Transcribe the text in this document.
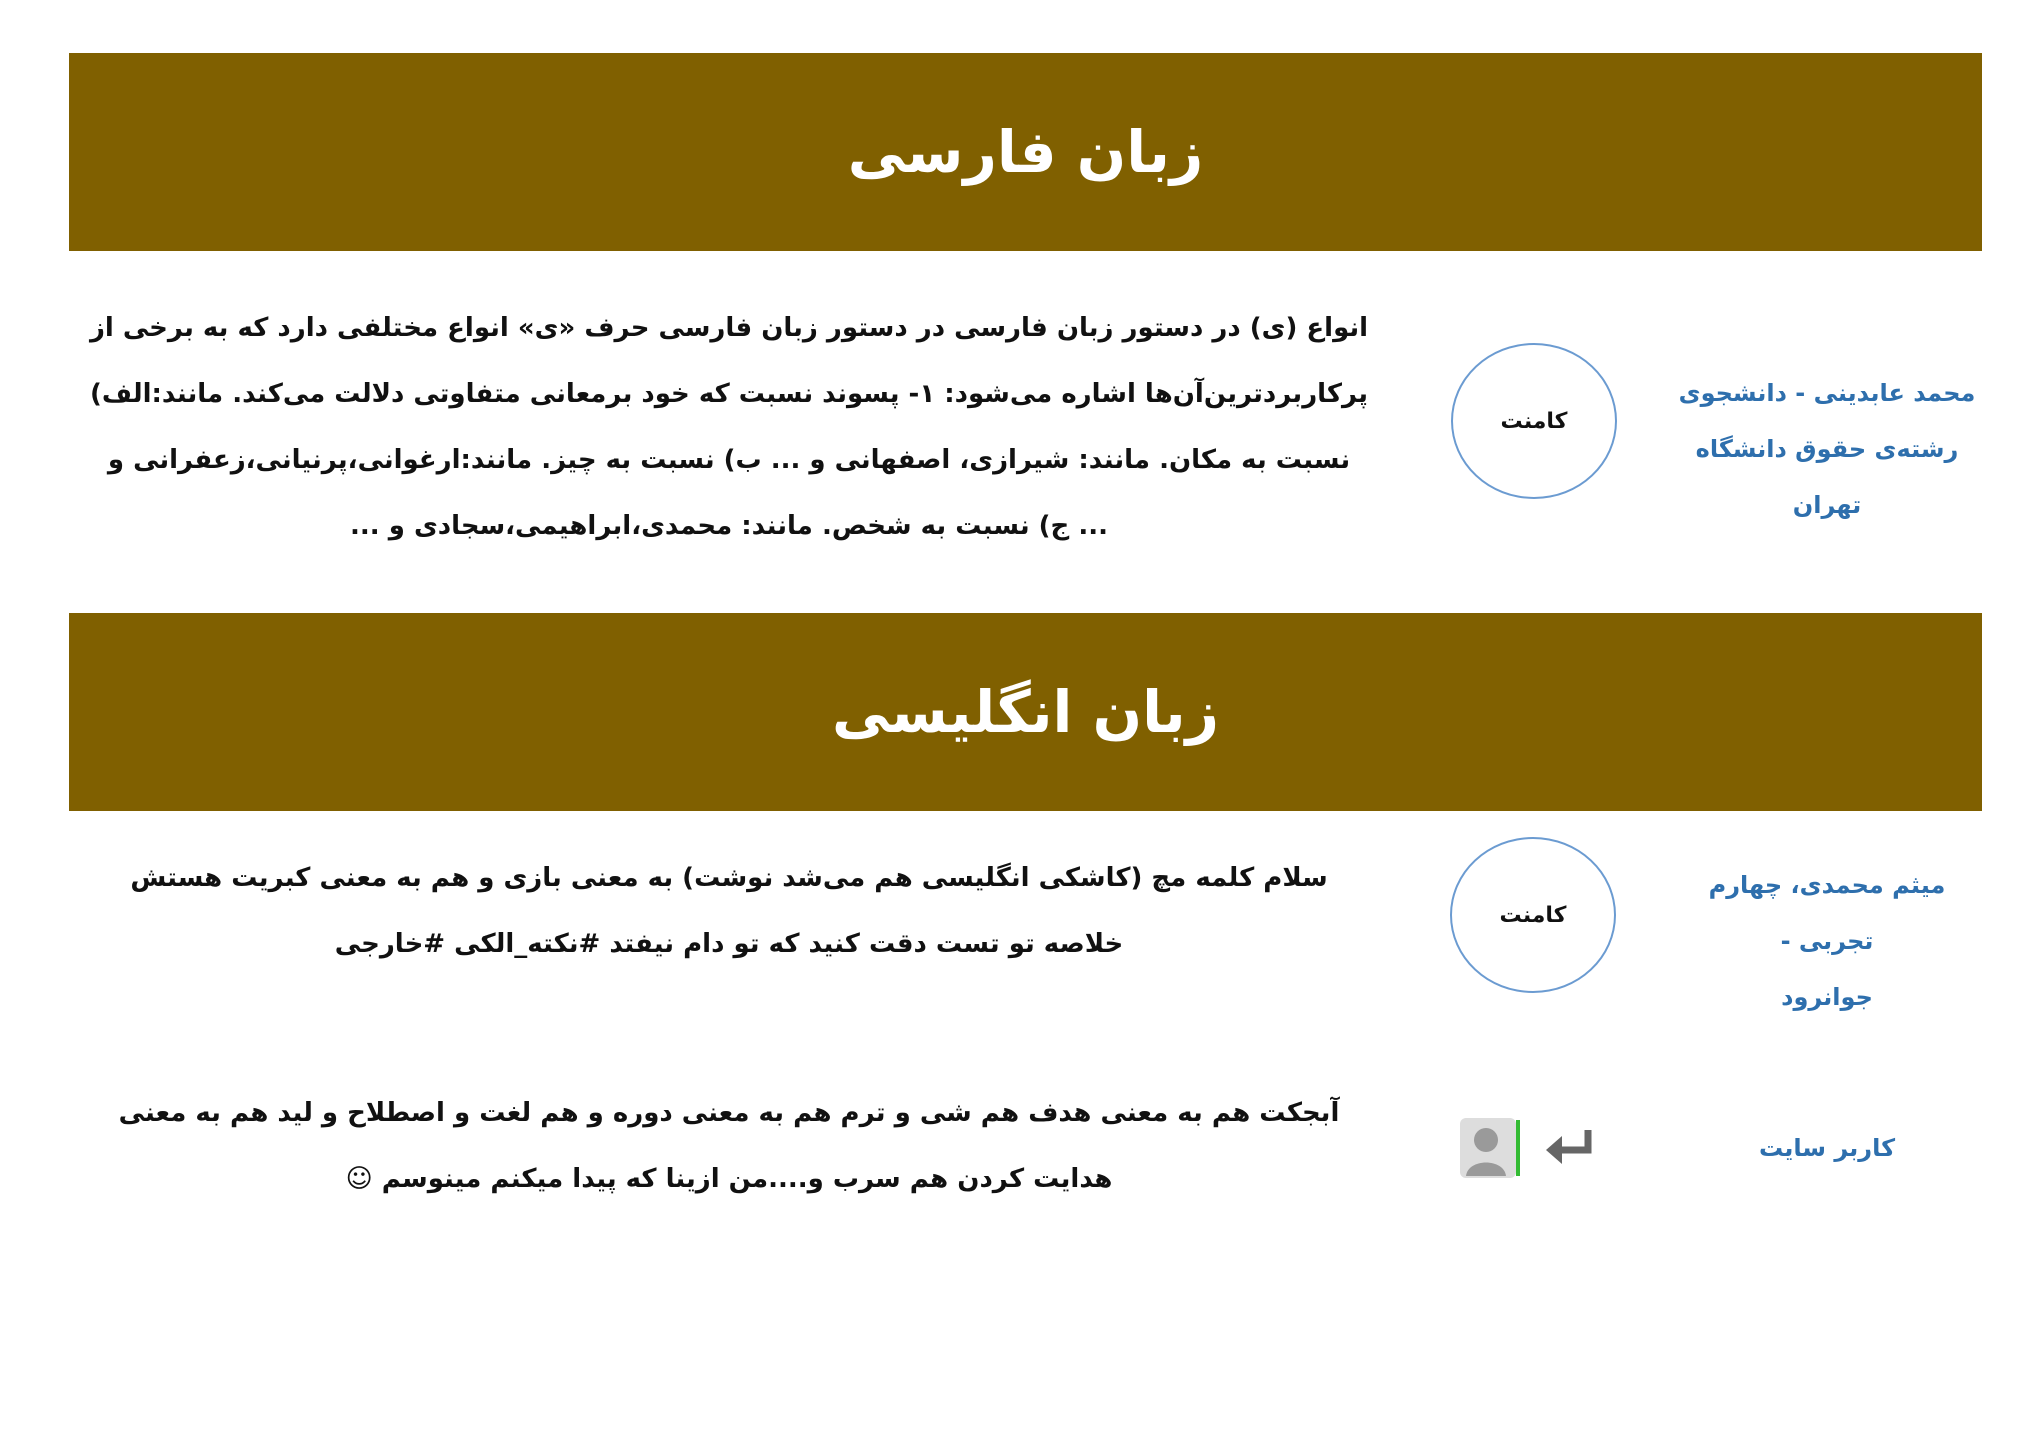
زبان فارسی
محمد عابدینی - دانشجوی
رشته‌ی حقوق دانشگاه تهران
کامنت
انواع (ی) در دستور زبان فارسی در دستور زبان فارسی حرف «ی» انواع مختلفی دارد که به برخی از پرکاربردترین‌آن‌ها اشاره می‌شود: ۱- پسوند نسبت که خود برمعانی متفاوتی دلالت می‌کند. مانند:الف) نسبت به مکان. مانند: شیرازی، اصفهانی و ... ب) نسبت به چیز. مانند:ارغوانی،پرنیانی،زعفرانی و ... ج) نسبت به شخص. مانند: محمدی،ابراهیمی،سجادی و ...
زبان انگلیسی
میثم محمدی، چهارم تجربی -
جوانرود
کامنت
سلام کلمه مچ (کاشکی انگلیسی هم می‌شد نوشت) به معنی بازی و هم به معنی کبریت هستش خلاصه تو تست دقت کنید که تو دام نیفتد #نکته_الکی #خارجی
کاربر سایت
آبجکت هم به معنی هدف هم شی و ترم هم به معنی دوره و هم لغت و اصطلاح و لید هم به معنی هدایت کردن هم سرب و....من ازینا که پیدا میکنم مینوسم ☺
